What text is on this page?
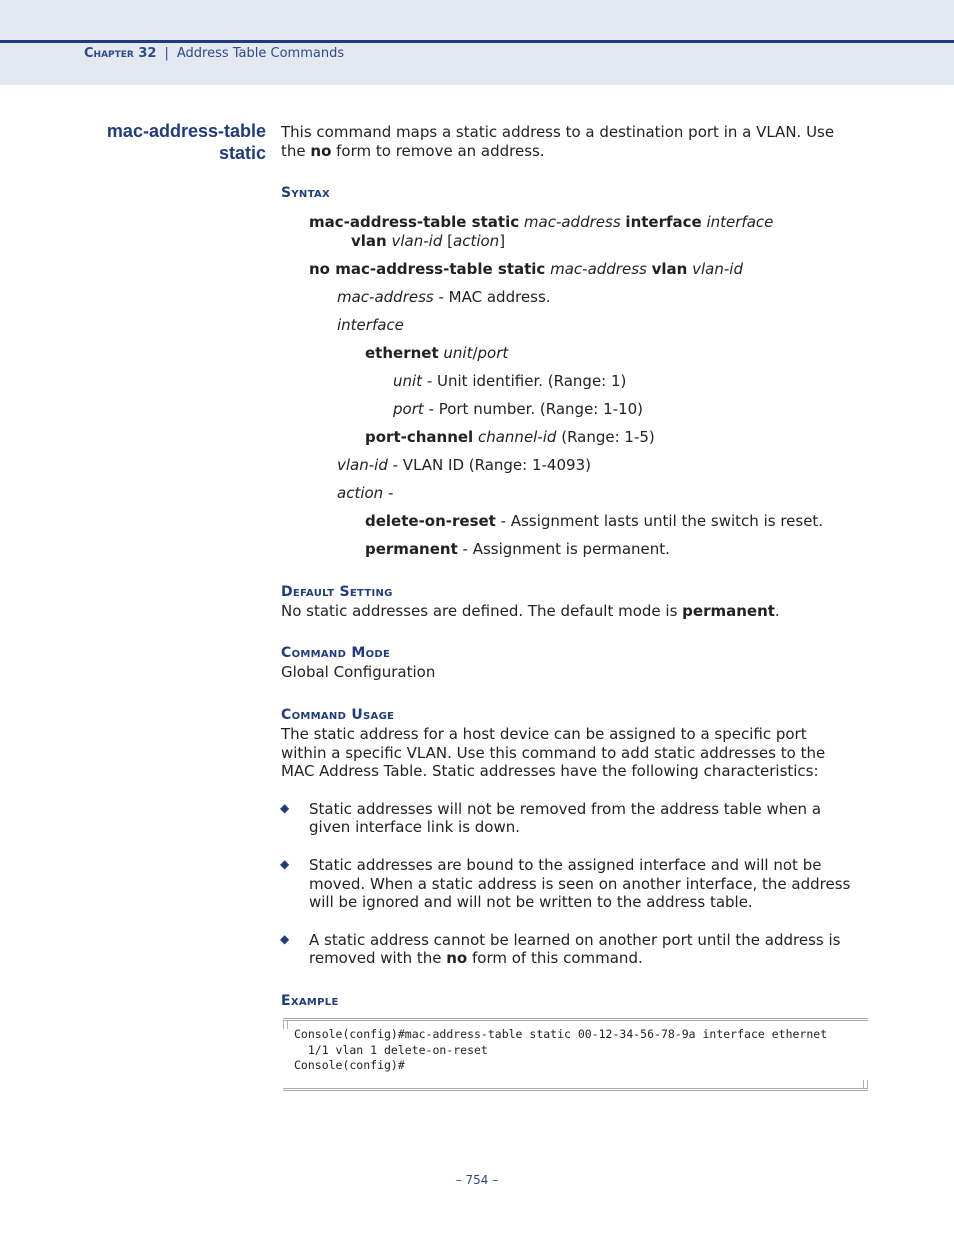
Chapter 32 | Address Table Commands
mac-address-table
static
This command maps a static address to a destination port in a VLAN. Use
the no form to remove an address.
Syntax
mac-address-table static mac-address interface interface
vlan vlan-id [action]
no mac-address-table static mac-address vlan vlan-id
mac-address - MAC address.
interface
ethernet unit/port
unit - Unit identifier. (Range: 1)
port - Port number. (Range: 1-10)
port-channel channel-id (Range: 1-5)
vlan-id - VLAN ID (Range: 1-4093)
action -
delete-on-reset - Assignment lasts until the switch is reset.
permanent - Assignment is permanent.
Default Setting
No static addresses are defined. The default mode is permanent.
Command Mode
Global Configuration
Command Usage
The static address for a host device can be assigned to a specific port
within a specific VLAN. Use this command to add static addresses to the
MAC Address Table. Static addresses have the following characteristics:
◆ Static addresses will not be removed from the address table when a
given interface link is down.
◆ Static addresses are bound to the assigned interface and will not be
moved. When a static address is seen on another interface, the address
will be ignored and will not be written to the address table.
◆ A static address cannot be learned on another port until the address is
removed with the no form of this command.
Example
Console(config)#mac-address-table static 00-12-34-56-78-9a interface ethernet
1/1 vlan 1 delete-on-reset
Console(config)#
– 754 –
